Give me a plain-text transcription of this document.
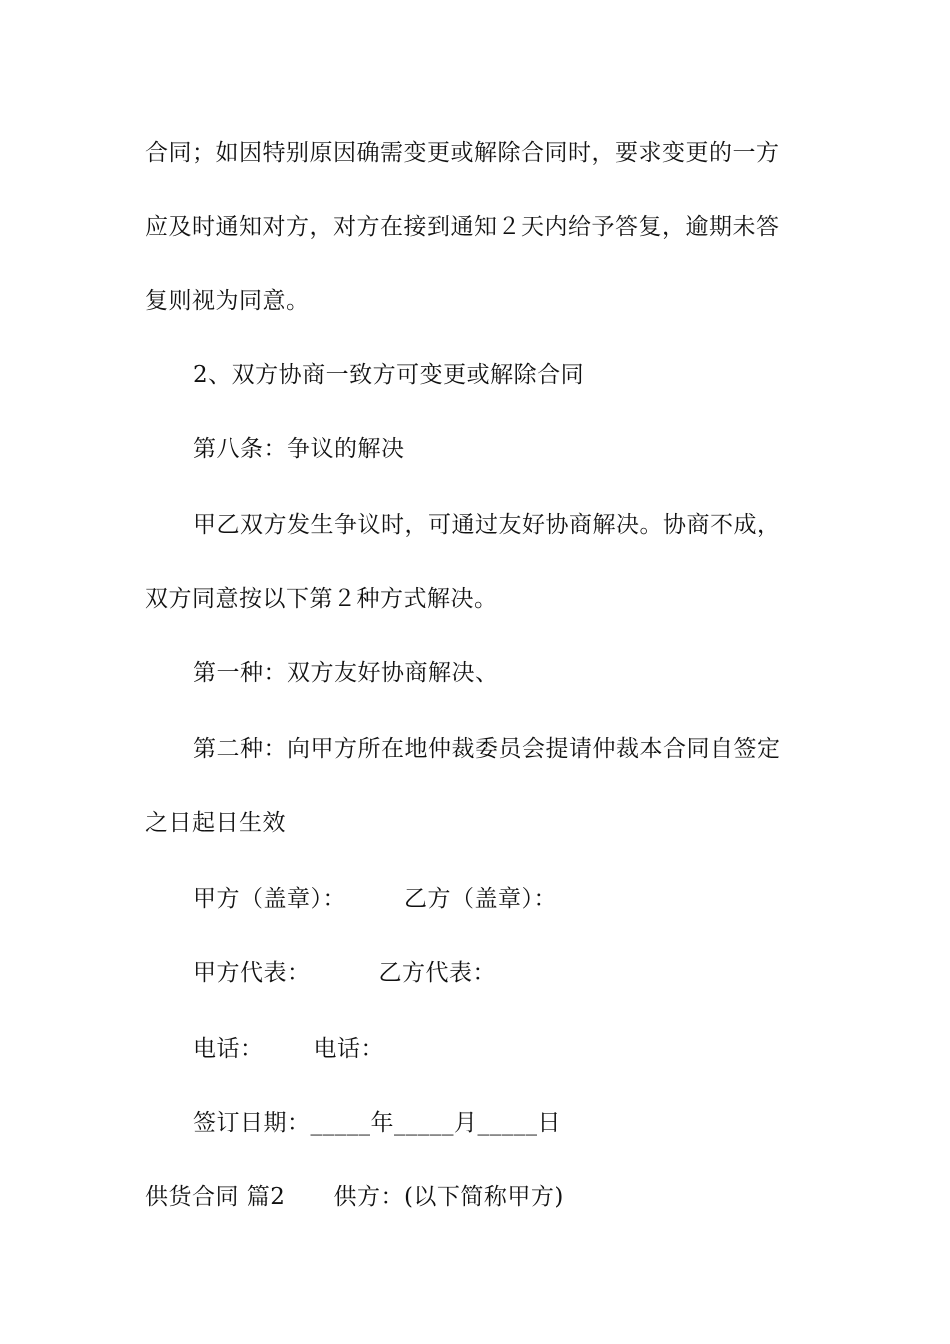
合同；如因特别原因确需变更或解除合同时，要求变更的一方
应及时通知对方，对方在接到通知２天内给予答复，逾期未答
复则视为同意。
2、双方协商一致方可变更或解除合同
第八条：争议的解决
甲乙双方发生争议时，可通过友好协商解决。协商不成，
双方同意按以下第２种方式解决。
第一种：双方友好协商解决、
第二种：向甲方所在地仲裁委员会提请仲裁本合同自签定
之日起日生效
甲方（盖章）：	乙方（盖章）：
甲方代表：	乙方代表：
电话： 电话：
签订日期：_____年_____月_____日
供货合同 篇2 供方：(以下简称甲方)
